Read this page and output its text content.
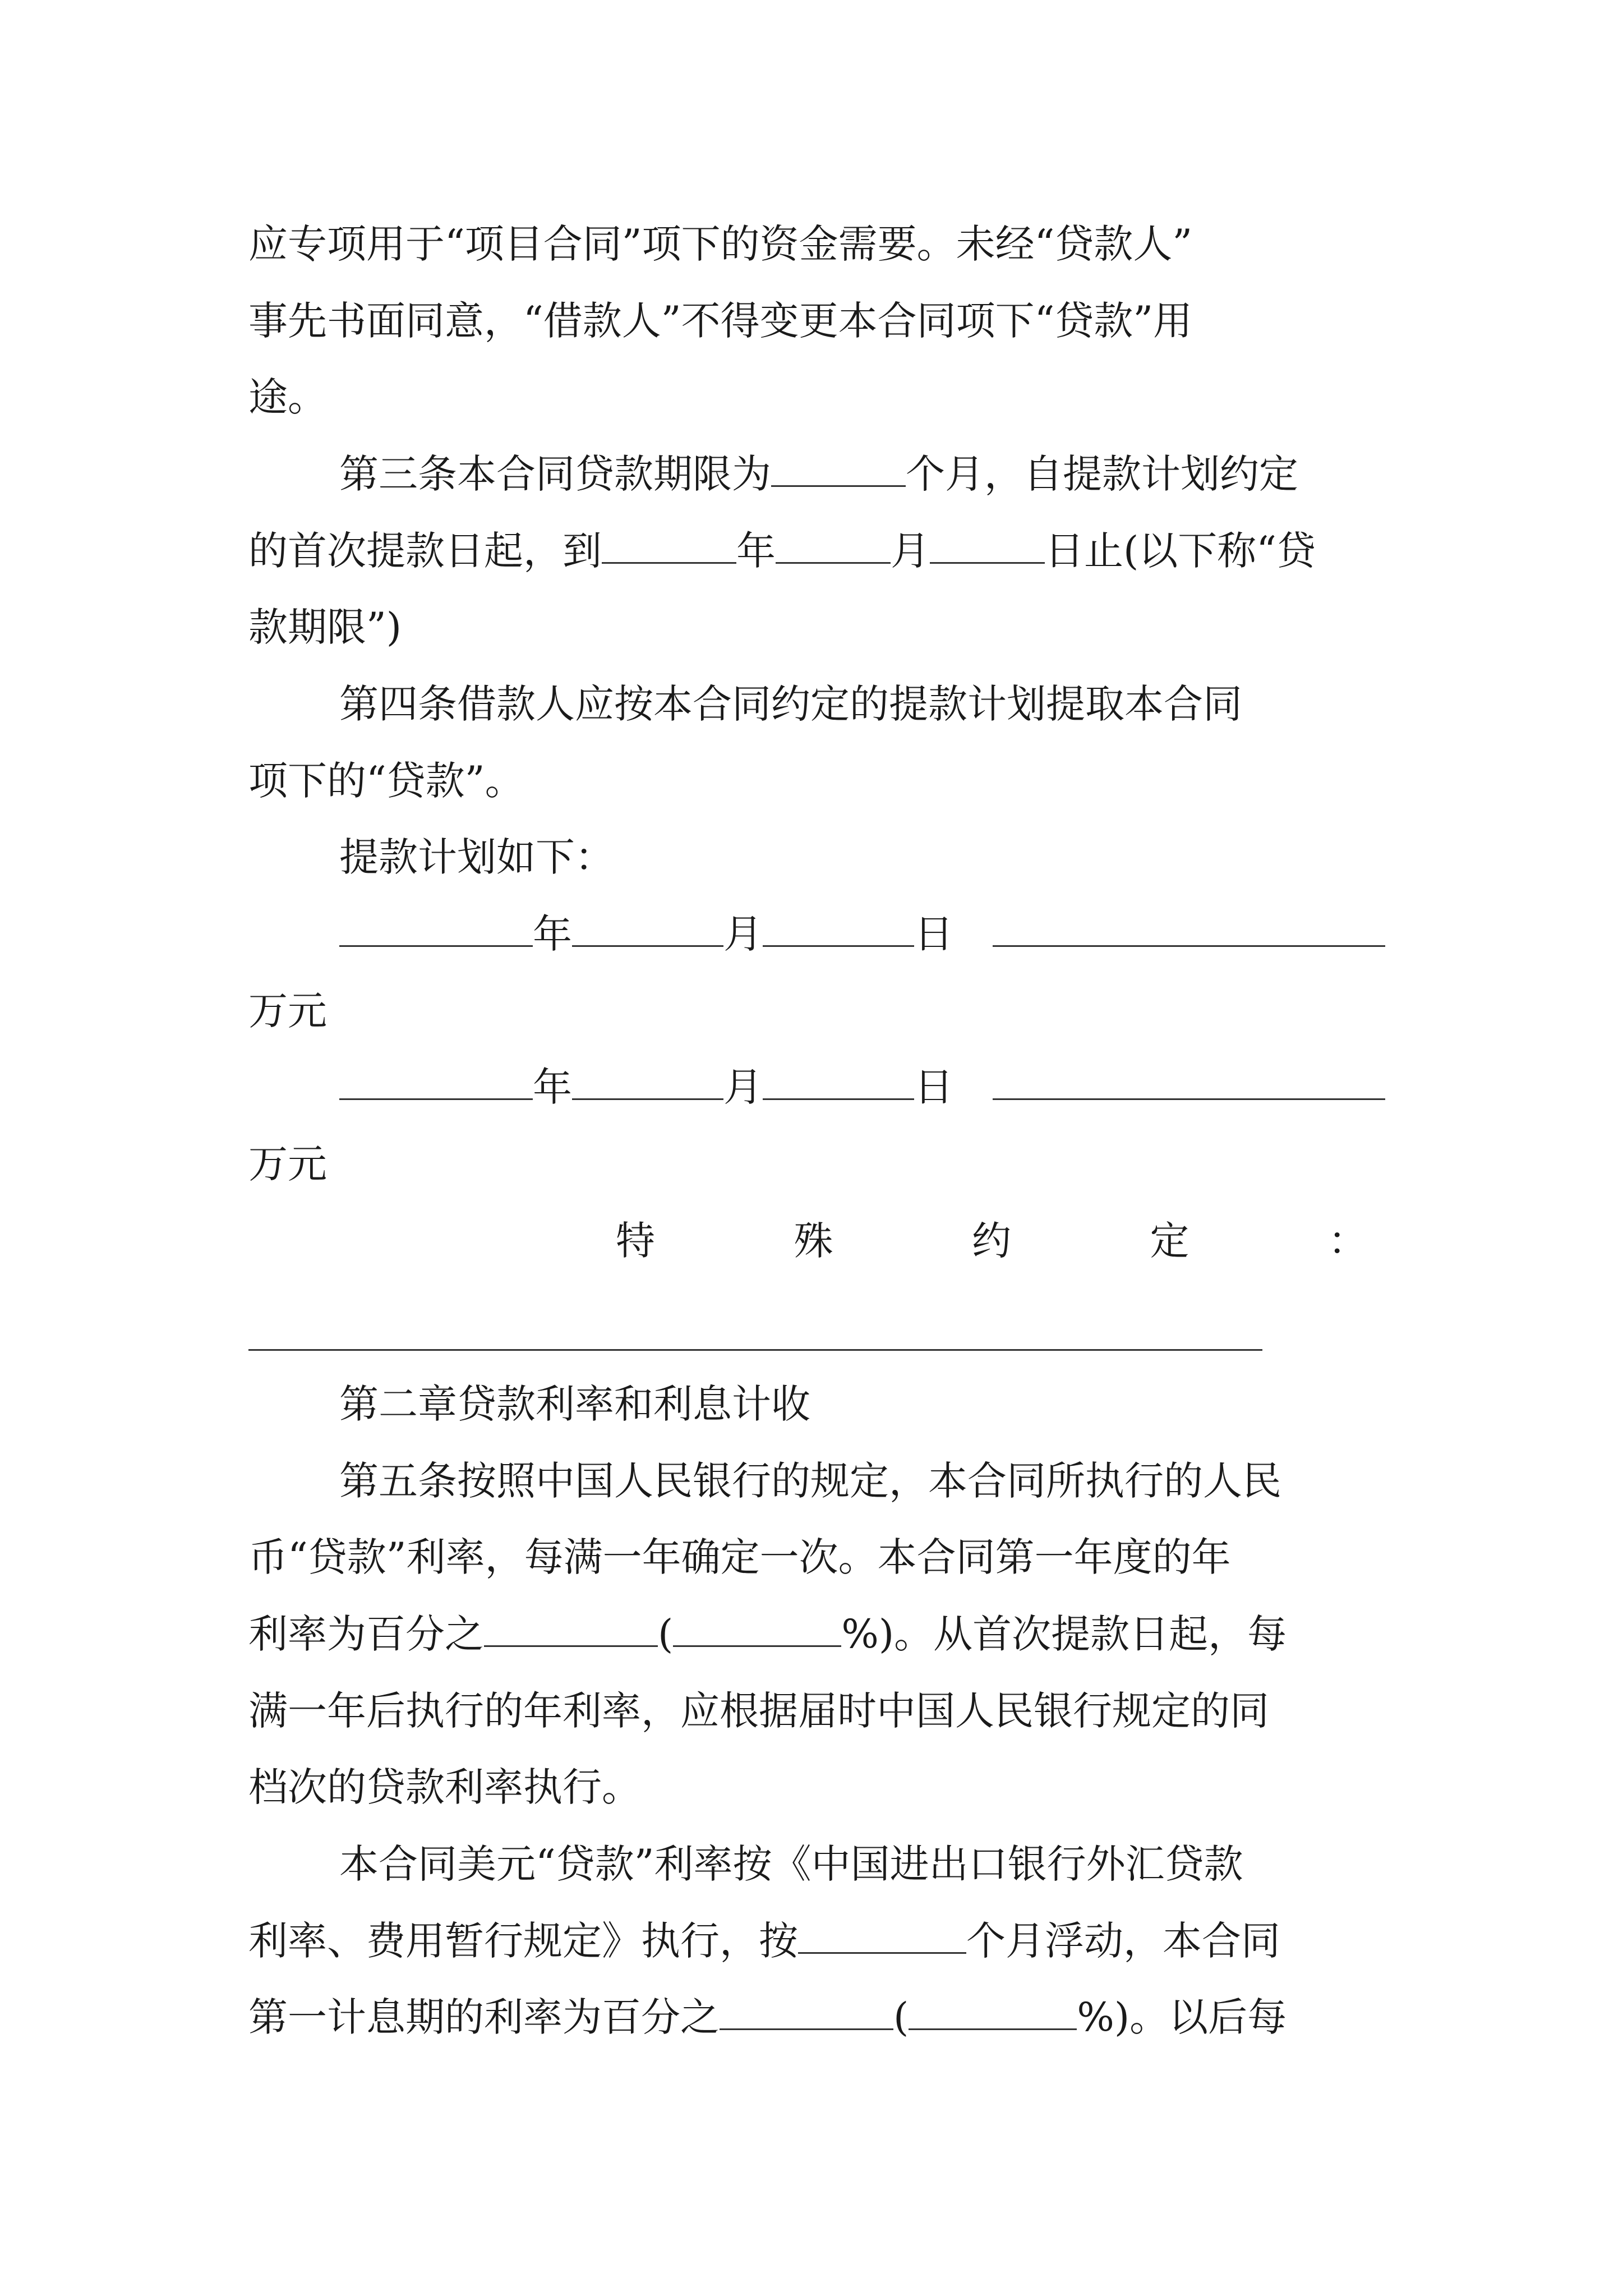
应专项用于“项目合同”项下的资金需要。未经“贷款人”
事先书面同意，“借款人”不得变更本合同项下“贷款”用
途。
第三条本合同贷款期限为	个月，自提款计划约定
的首次提款日起，到	年	月	日止(以下称“贷
款期限”)
第四条借款人应按本合同约定的提款计划提取本合同
项下的“贷款”。
提款计划如下：
年	月	日
万元
年	月	日
万元
特	殊	约	定	：
第二章贷款利率和利息计收
第五条按照中国人民银行的规定，本合同所执行的人民
币“贷款”利率，每满一年确定一次。本合同第一年度的年
利率为百分之	(	%)。从首次提款日起，每
满一年后执行的年利率，应根据届时中国人民银行规定的同
档次的贷款利率执行。
本合同美元“贷款”利率按《中国进出口银行外汇贷款
利率、费用暂行规定》执行，按	个月浮动，本合同
第一计息期的利率为百分之	(	%)。以后每
